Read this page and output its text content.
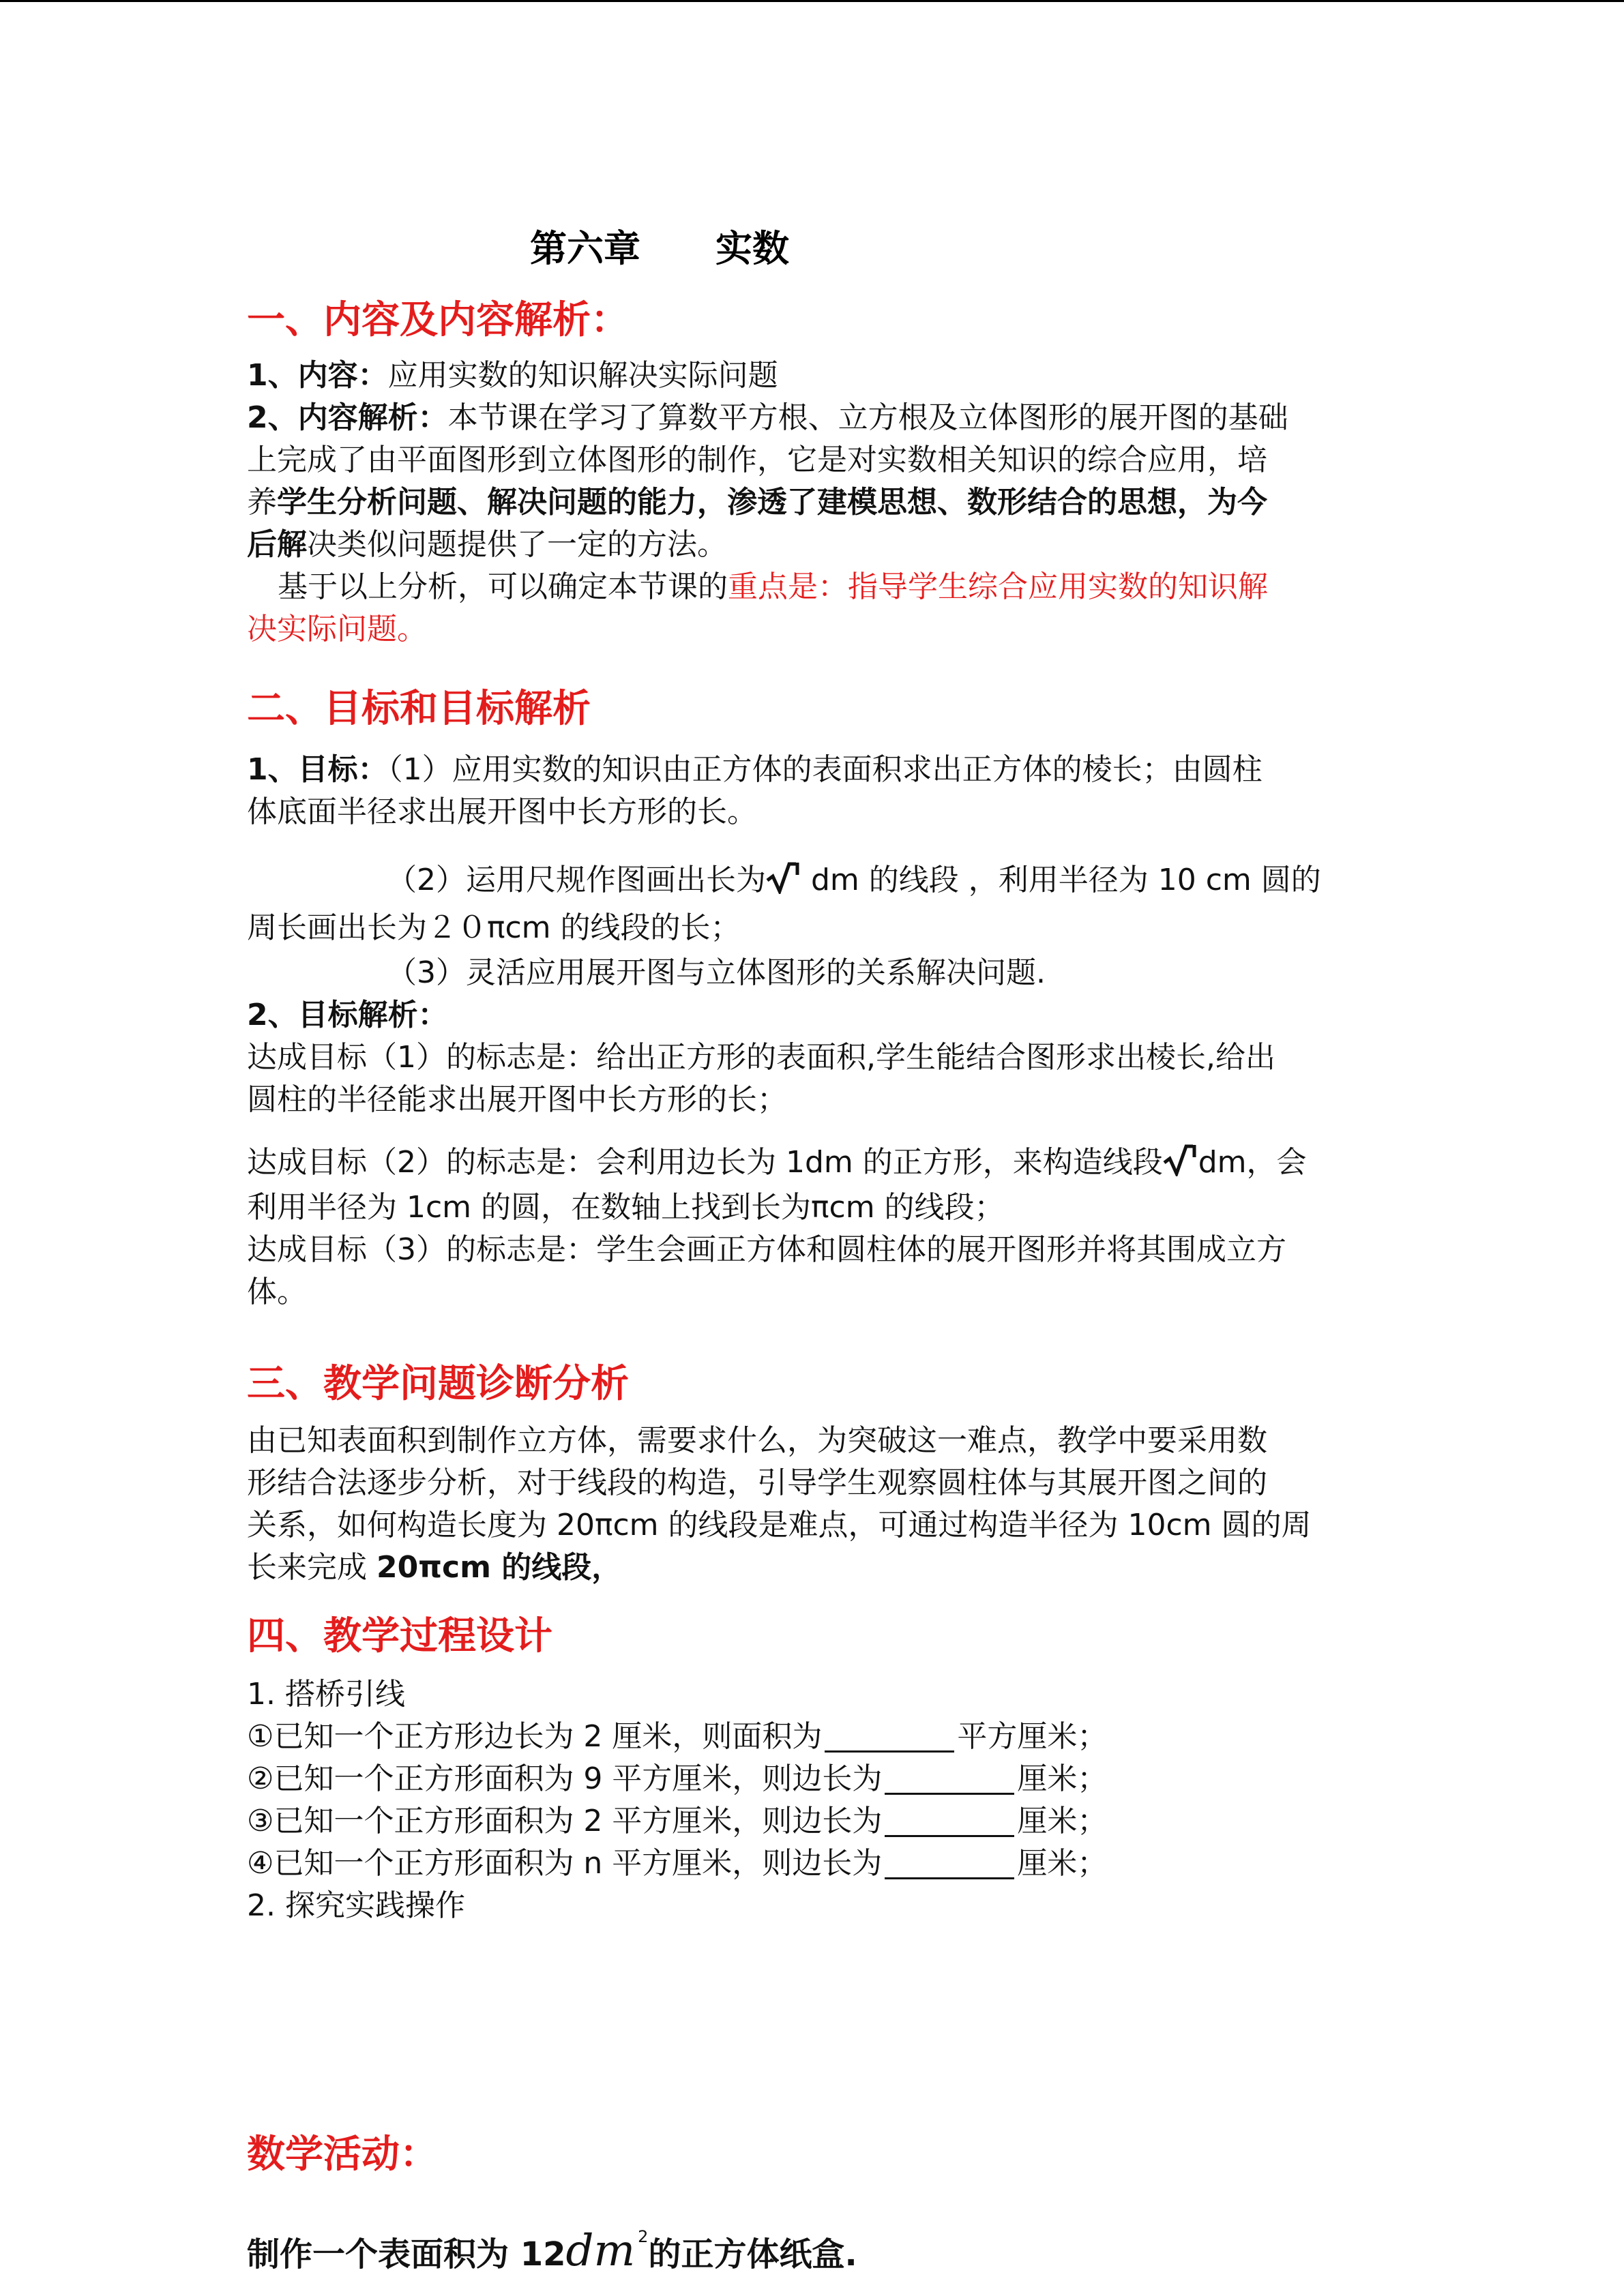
第六章 实数

一、内容及内容解析：

1、内容：应用实数的知识解决实际问题

2、内容解析：本节课在学习了算数平方根、立方根及立体图形的展开图的基础

上完成了由平面图形到立体图形的制作，它是对实数相关知识的综合应用，培

养学生分析问题、解决问题的能力，渗透了建模思想、数形结合的思想，为今

后解决类似问题提供了一定的方法。

基于以上分析，可以确定本节课的重点是：指导学生综合应用实数的知识解

决实际问题。

二、目标和目标解析

1、目标：（1）应用实数的知识由正方体的表面积求出正方体的棱长；由圆柱

体底面半径求出展开图中长方形的长。

（2）运用尺规作图画出长为
dm 的线段 ，利用半径为 10 cm 圆的

周长画出长为２０πcm 的线段的长；

（3）灵活应用展开图与立体图形的关系解决问题.

2、目标解析：

达成目标（1）的标志是：给出正方形的表面积,学生能结合图形求出棱长,给出

圆柱的半径能求出展开图中长方形的长；

达成目标（2）的标志是：会利用边长为 1dm 的正方形，来构造线段 dm，会

利用半径为 1cm 的圆，在数轴上找到长为πcm 的线段；

达成目标（3）的标志是：学生会画正方体和圆柱体的展开图形并将其围成立方

体。

三、教学问题诊断分析

由已知表面积到制作立方体，需要求什么，为突破这一难点，教学中要采用数

形结合法逐步分析，对于线段的构造，引导学生观察圆柱体与其展开图之间的

关系，如何构造长度为 20πcm 的线段是难点，可通过构造半径为 10cm 圆的周

长来完成 20πcm 的线段，

四、教学过程设计

1. 搭桥引线

①已知一个正方形边长为 2 厘米，则面积为	平方厘米；

②已知一个正方形面积为 9 平方厘米，则边长为	厘米；

③已知一个正方形面积为 2 平方厘米，则边长为	厘米；

④已知一个正方形面积为 n 平方厘米，则边长为	厘米；

2. 探究实践操作

数学活动：

制作一个表面积为 12dm $^2$的正方体纸盒.
